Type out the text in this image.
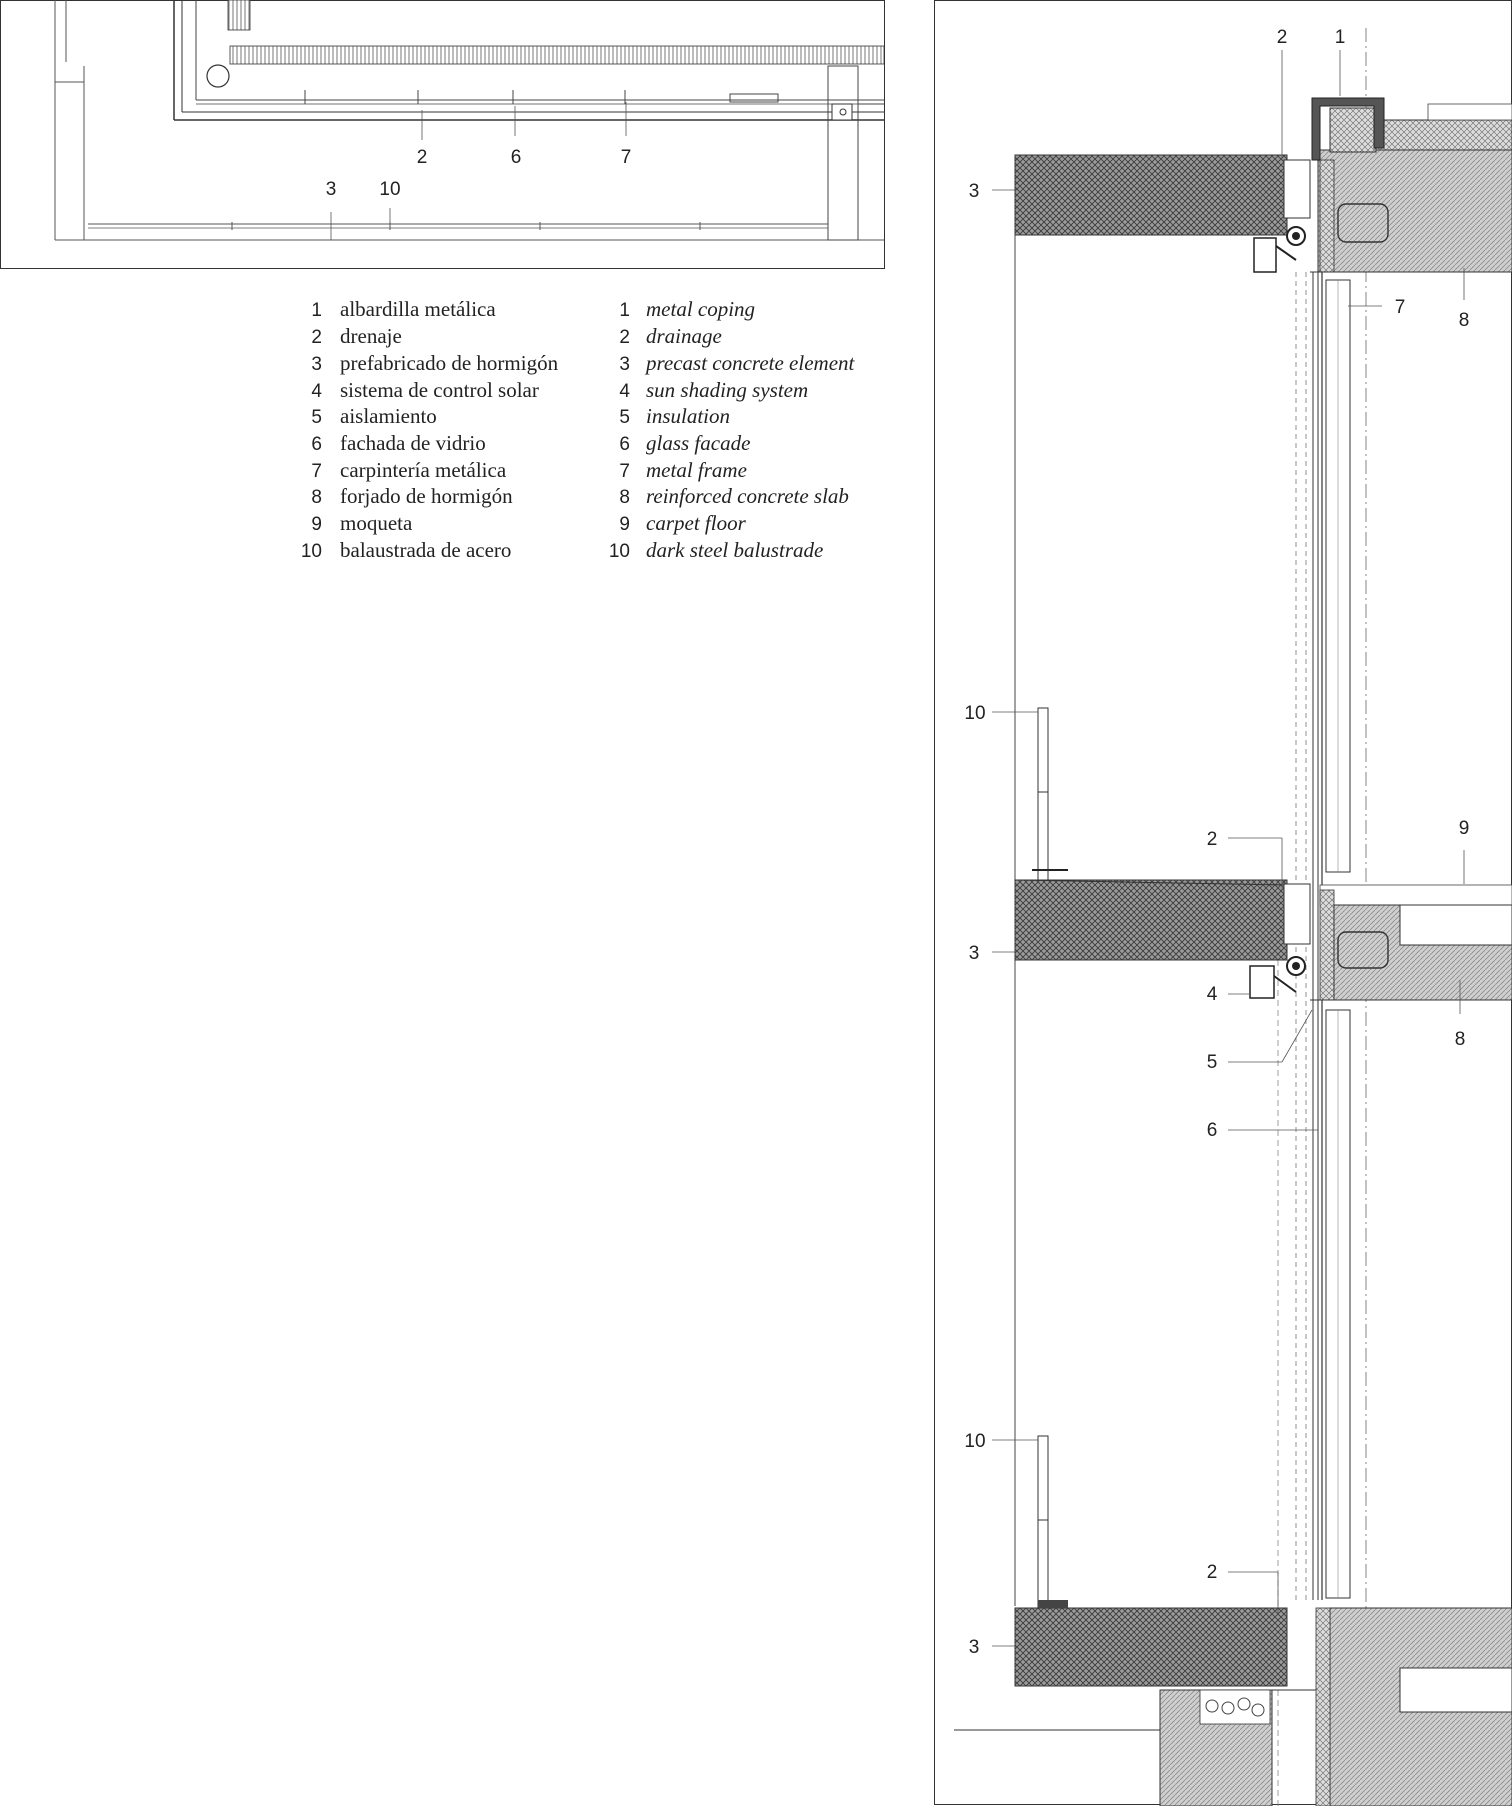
2	6	7
3 10
1 albardilla metálica
2 drenaje
3 prefabricado de hormigón
4 sistema de control solar
5 aislamiento
6 fachada de vidrio
7 carpintería metálica
8 forjado de hormigón
9 moqueta
10 balaustrada de acero
1 metal coping
2 drainage
3 precast concrete element
4 sun shading system
5 insulation
6 glass facade
7 metal frame
8 reinforced concrete slab
9 carpet floor
10 dark steel balustrade
2 1
3
7
8
10
2
9
3
4
8
5
6
10
2
3
